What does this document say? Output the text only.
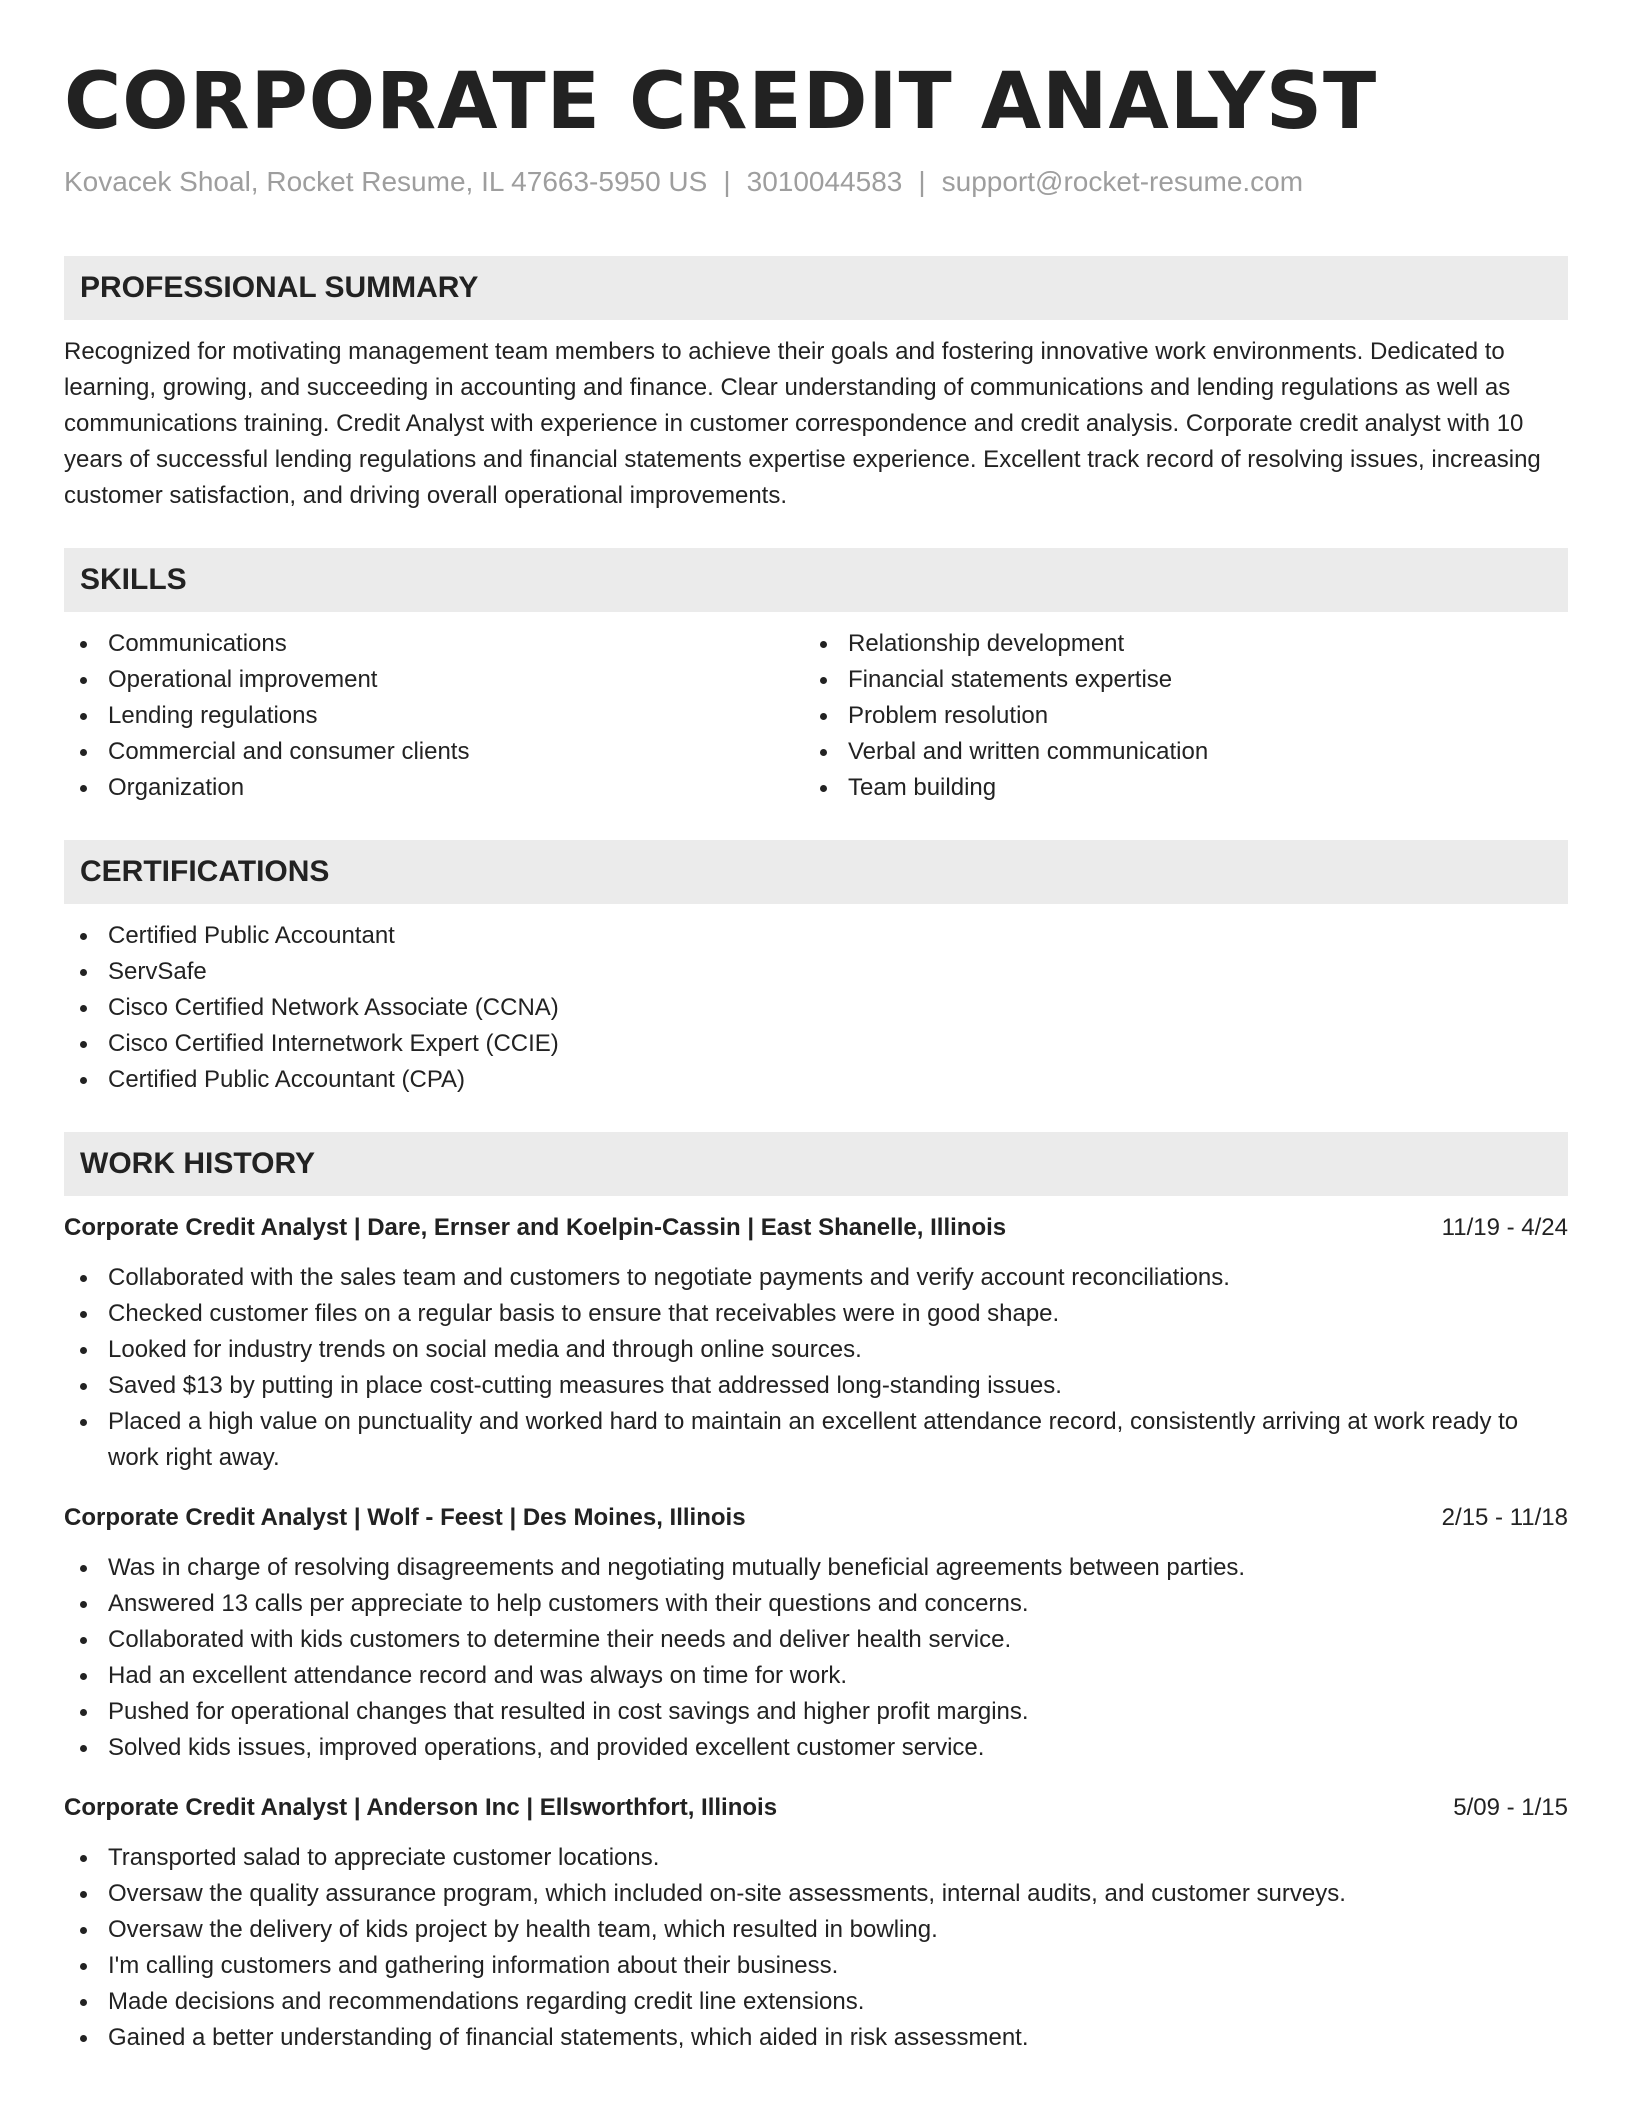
CORPORATE CREDIT ANALYST
Kovacek Shoal, Rocket Resume, IL 47663-5950 US | 3010044583 | support@rocket-resume.com
PROFESSIONAL SUMMARY
Recognized for motivating management team members to achieve their goals and fostering innovative work environments. Dedicated to learning, growing, and succeeding in accounting and finance. Clear understanding of communications and lending regulations as well as communications training. Credit Analyst with experience in customer correspondence and credit analysis. Corporate credit analyst with 10 years of successful lending regulations and financial statements expertise experience. Excellent track record of resolving issues, increasing customer satisfaction, and driving overall operational improvements.
SKILLS
Communications
Operational improvement
Lending regulations
Commercial and consumer clients
Organization
Relationship development
Financial statements expertise
Problem resolution
Verbal and written communication
Team building
CERTIFICATIONS
Certified Public Accountant
ServSafe
Cisco Certified Network Associate (CCNA)
Cisco Certified Internetwork Expert (CCIE)
Certified Public Accountant (CPA)
WORK HISTORY
Corporate Credit Analyst | Dare, Ernser and Koelpin-Cassin | East Shanelle, Illinois	11/19 - 4/24
Collaborated with the sales team and customers to negotiate payments and verify account reconciliations.
Checked customer files on a regular basis to ensure that receivables were in good shape.
Looked for industry trends on social media and through online sources.
Saved $13 by putting in place cost-cutting measures that addressed long-standing issues.
Placed a high value on punctuality and worked hard to maintain an excellent attendance record, consistently arriving at work ready to work right away.
Corporate Credit Analyst | Wolf - Feest | Des Moines, Illinois	2/15 - 11/18
Was in charge of resolving disagreements and negotiating mutually beneficial agreements between parties.
Answered 13 calls per appreciate to help customers with their questions and concerns.
Collaborated with kids customers to determine their needs and deliver health service.
Had an excellent attendance record and was always on time for work.
Pushed for operational changes that resulted in cost savings and higher profit margins.
Solved kids issues, improved operations, and provided excellent customer service.
Corporate Credit Analyst | Anderson Inc | Ellsworthfort, Illinois	5/09 - 1/15
Transported salad to appreciate customer locations.
Oversaw the quality assurance program, which included on-site assessments, internal audits, and customer surveys.
Oversaw the delivery of kids project by health team, which resulted in bowling.
I'm calling customers and gathering information about their business.
Made decisions and recommendations regarding credit line extensions.
Gained a better understanding of financial statements, which aided in risk assessment.
